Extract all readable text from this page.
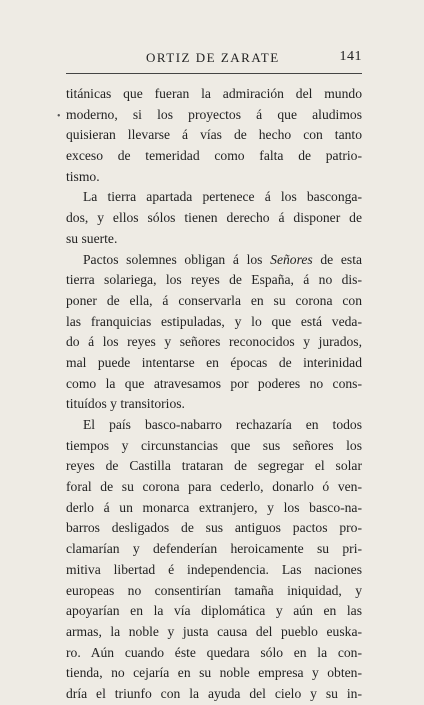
ORTIZ DE ZARATE	141
•
titánicas que fueran la admiración del mundo
moderno, si los proyectos á que aludimos
quisieran llevarse á vías de hecho con tanto
exceso de temeridad como falta de patrio-
tismo.
La tierra apartada pertenece á los bascongа-
dos, y ellos sólos tienen derecho á disponer de
su suerte.
Pactos solemnes obligan á los Señores de esta
tierra solariega, los reyes de España, á no dis-
poner de ella, á conservarla en su corona con
las franquicias estipuladas, y lo que está veda-
do á los reyes y señores reconocidos y jurados,
mal puede intentarse en épocas de interinidad
como la que atravesamos por poderes no cons-
tituídos y transitorios.
El país basco-nabarro rechazaría en todos
tiempos y circunstancias que sus señores los
reyes de Castilla trataran de segregar el solar
foral de su corona para cederlo, donarlo ó ven-
derlo á un monarca extranjero, y los basco-na-
barros desligados de sus antiguos pactos pro-
clamarían y defenderían heroicamente su pri-
mitiva libertad é independencia. Las naciones
europeas no consentirían tamaña iniquidad, y
apoyarían en la vía diplomática y aún en las
armas, la noble y justa causa del pueblo euska-
ro. Aún cuando éste quedara sólo en la con-
tienda, no cejaría en su noble empresa y obten-
dría el triunfo con la ayuda del cielo y su in-
